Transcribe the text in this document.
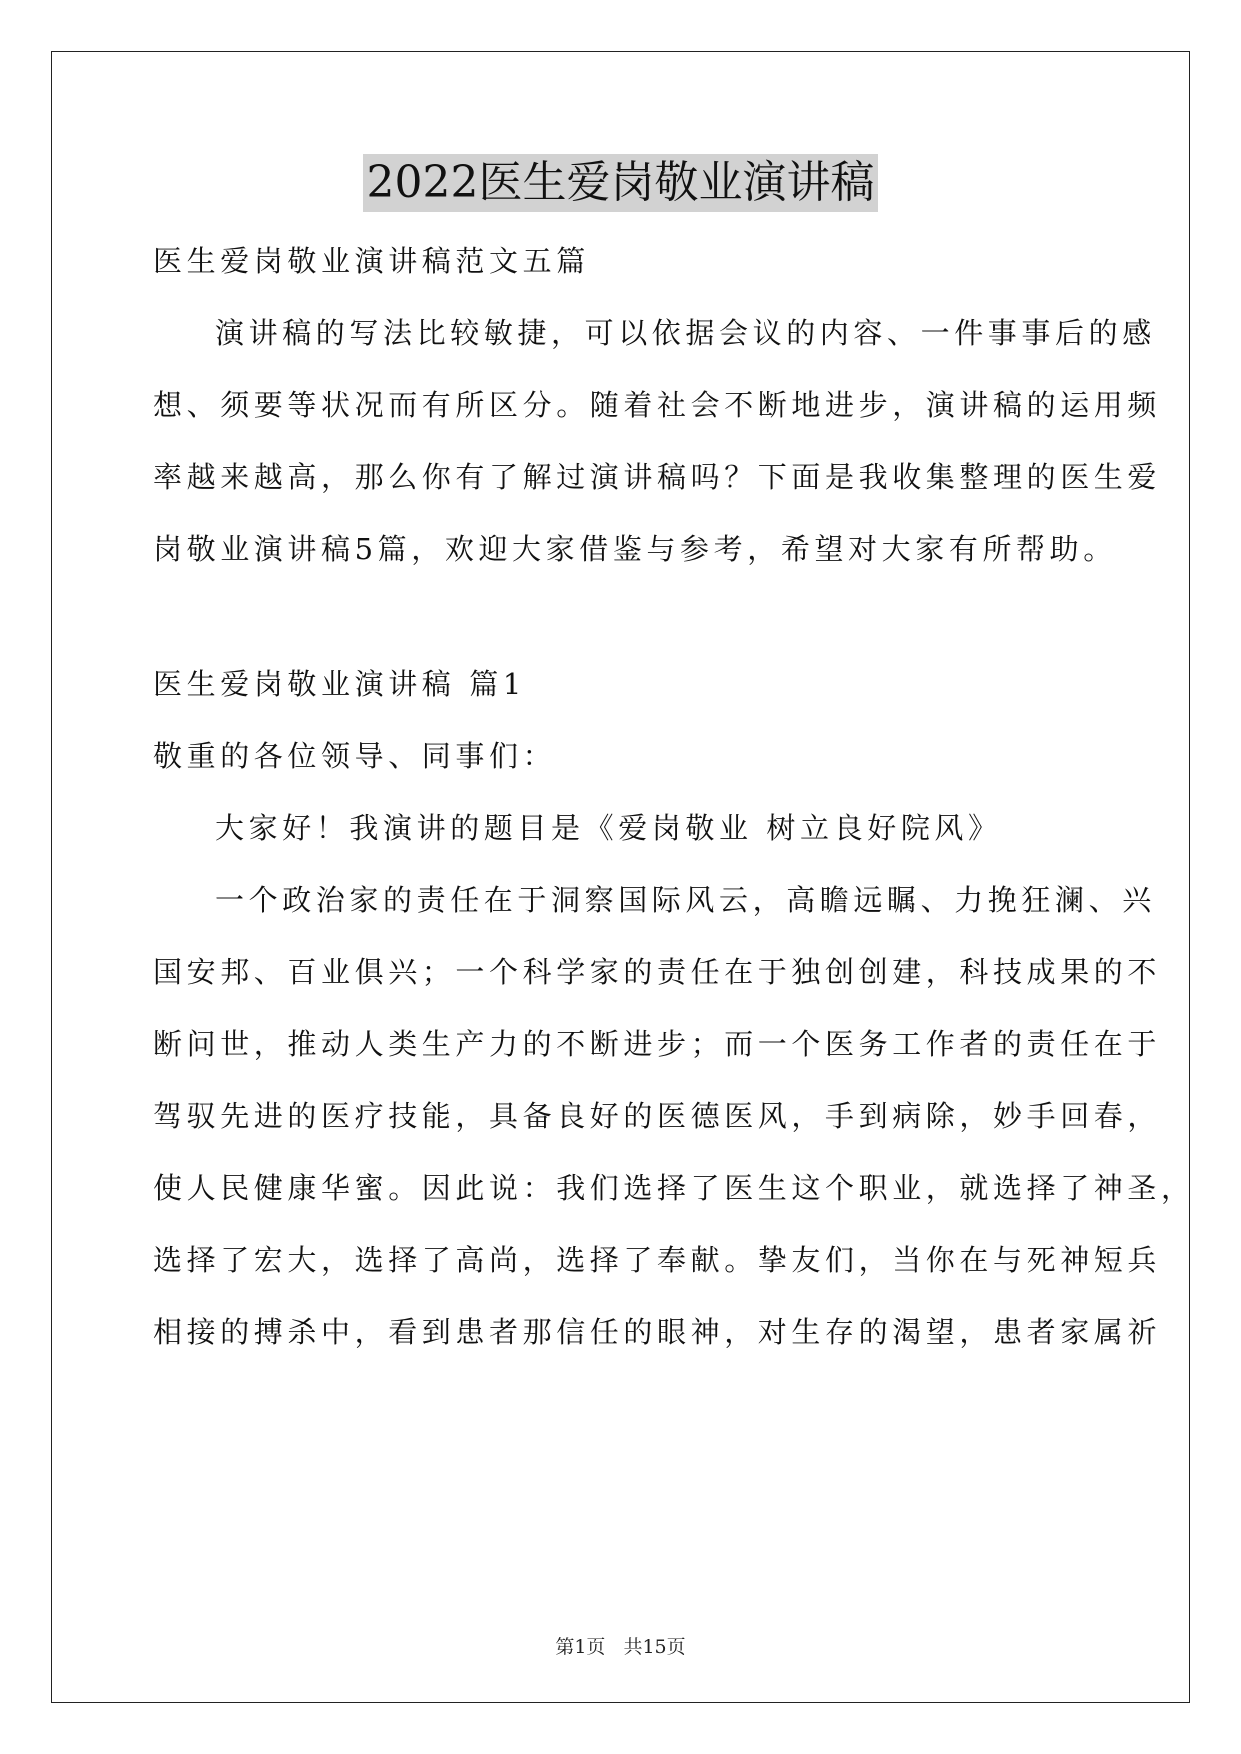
2022医生爱岗敬业演讲稿
医生爱岗敬业演讲稿范文五篇
演讲稿的写法比较敏捷，可以依据会议的内容、一件事事后的感
想、须要等状况而有所区分。随着社会不断地进步，演讲稿的运用频
率越来越高，那么你有了解过演讲稿吗？下面是我收集整理的医生爱
岗敬业演讲稿5篇，欢迎大家借鉴与参考，希望对大家有所帮助。
医生爱岗敬业演讲稿 篇1
敬重的各位领导、同事们：
大家好！我演讲的题目是《爱岗敬业 树立良好院风》
一个政治家的责任在于洞察国际风云，高瞻远瞩、力挽狂澜、兴
国安邦、百业俱兴；一个科学家的责任在于独创创建，科技成果的不
断问世，推动人类生产力的不断进步；而一个医务工作者的责任在于
驾驭先进的医疗技能，具备良好的医德医风，手到病除，妙手回春，
使人民健康华蜜。因此说：我们选择了医生这个职业，就选择了神圣，
选择了宏大，选择了高尚，选择了奉献。挚友们，当你在与死神短兵
相接的搏杀中，看到患者那信任的眼神，对生存的渴望，患者家属祈
第1页 共15页
